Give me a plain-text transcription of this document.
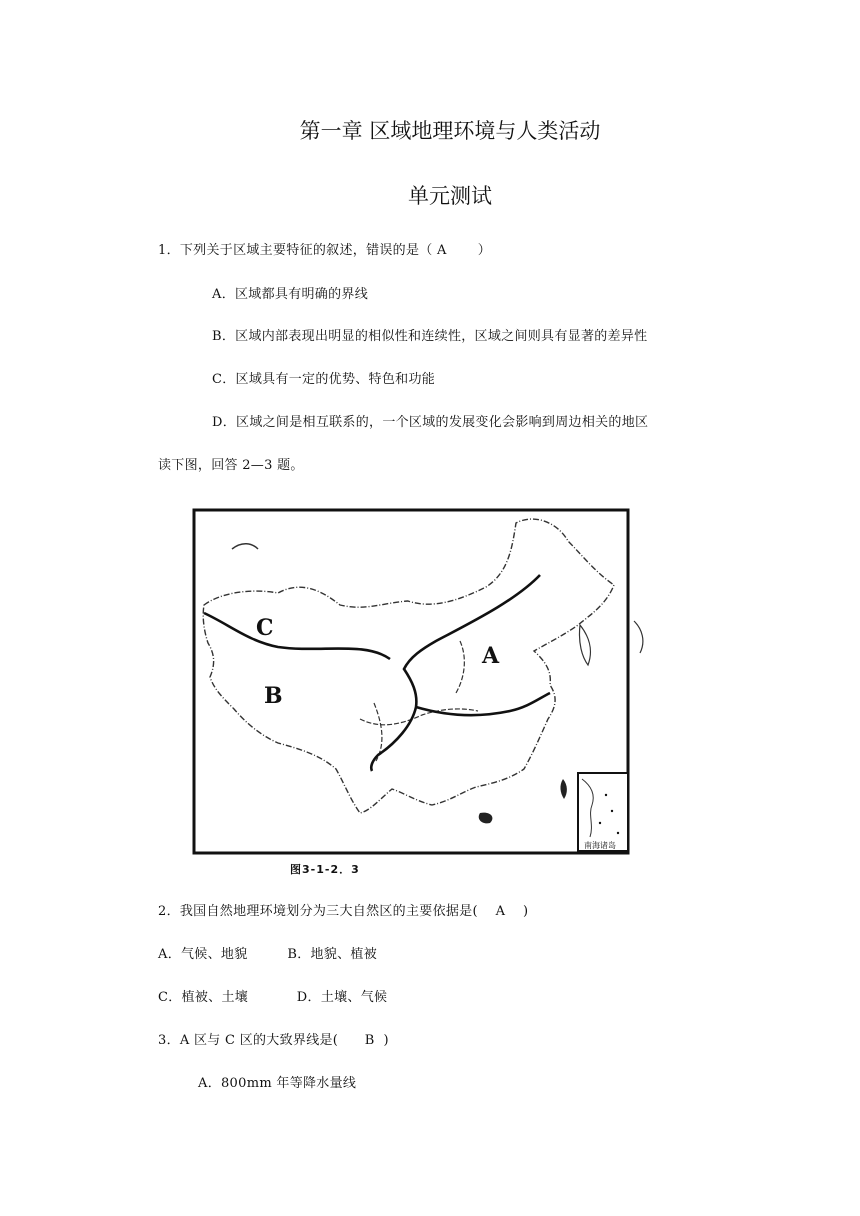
第一章 区域地理环境与人类活动
单元测试
1．下列关于区域主要特征的叙述，错误的是（ A       ）
A．区域都具有明确的界线
B．区域内部表现出明显的相似性和连续性，区域之间则具有显著的差异性
C．区域具有一定的优势、特色和功能
D．区域之间是相互联系的，一个区域的发展变化会影响到周边相关的地区
读下图，回答 2—3 题。
南海诸岛
A
B
C
图3-1-2．3
2．我国自然地理环境划分为三大自然区的主要依据是(    A    )
A．气候、地貌         B．地貌、植被
C．植被、土壤           D．土壤、气候
3．A 区与 C 区的大致界线是(      B  )
A．800mm 年等降水量线
